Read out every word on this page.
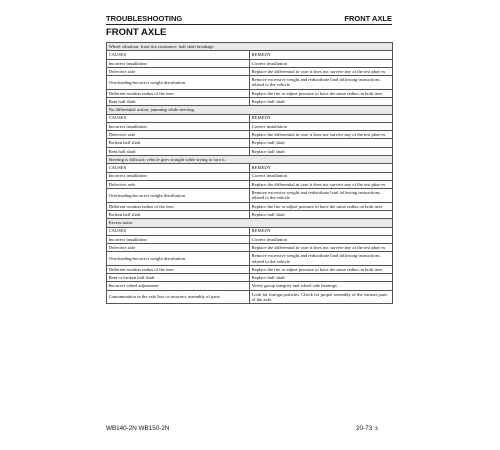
TROUBLESHOOTING	FRONT AXLE
FRONT AXLE
Wheel vibration; front tire resistance; half shaft breakage.	
CAUSES	REMEDY
Incorrect installation	Correct installation
Defective axle	Replace the differential in case it does not survive any of the test phas-es
Overloading/incorrect weight distribution	Remove excessive weight and redistribute load following instructions related to the vehicle
Different rotation radius of the tires	Replace the tire or adjust pressure to have the same radius on both tires
Bent half shaft	Replace half shaft
No differential action; jamming while steering.	
CAUSES	REMEDY
Incorrect installation	Correct installation
Defective axle	Replace the differential in case it does not survive any of the test phas-es
Broken half shaft	Replace half shaft
Bent half shaft	Replace half shaft
Steering is difficult; vehicle goes straight while trying to turn it.	
CAUSES	REMEDY
Incorrect installation	Correct installation
Defective axle	Replace the differential in case it does not survive any of the test phas-es
Overloading/incorrect weight distribution	Remove excessive weight and redistribute load following instructions related to the vehicle
Different rotation radius of the tires	Replace the tire or adjust pressure to have the same radius on both tires
Broken half shaft	Replace half shaft
Excess noise.	
CAUSES	REMEDY
Incorrect installation	Correct installation
Defective axle	Replace the differential in case it does not survive any of the test phas-es
Overloading/incorrect weight distribution	Remove excessive weight and redistribute load following instructions related to the vehicle
Different rotation radius of the tires	Replace the tire or adjust pressure to have the same radius on both tires
Bent or broken half shaft	Replace half shaft
Incorrect wheel adjustment	Verify group integrity and wheel side bearings
Contamination in the axle box or incorrect assembly of parts	Look for foreign particles. Check for proper assembly of the various parts of the axle.
WB140-2N WB150-2N	20-73 ①
